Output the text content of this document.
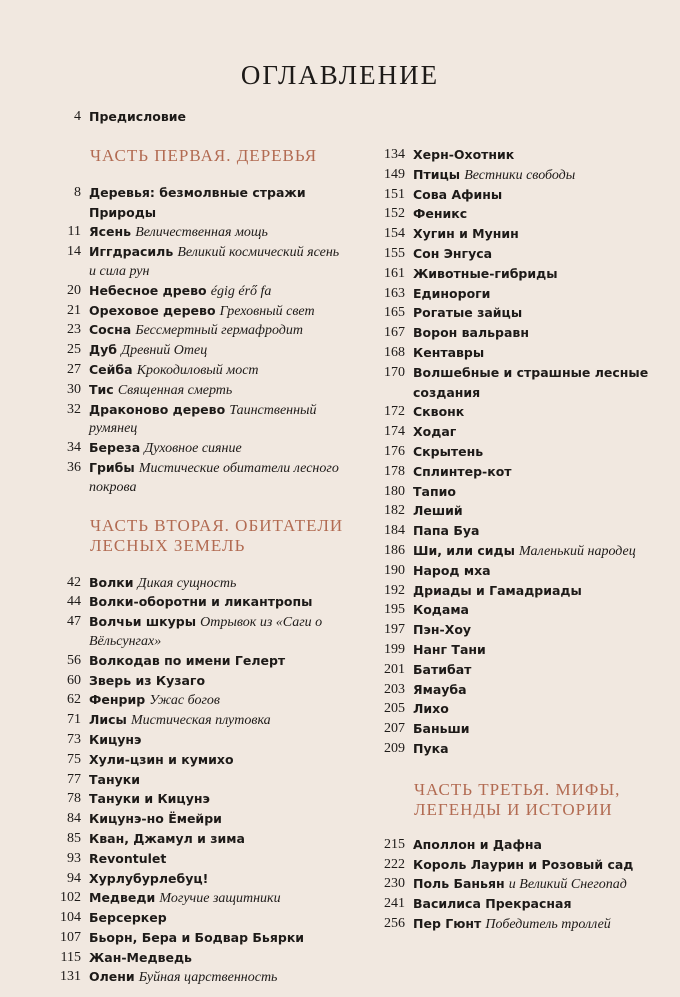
ОГЛАВЛЕНИЕ
4 Предисловие
ЧАСТЬ ПЕРВАЯ. ДЕРЕВЬЯ
8 Деревья: безмолвные стражи Природы
11 Ясень Величественная мощь
14 Иггдрасиль Великий космический ясень и сила рун
20 Небесное древо égig érő fa
21 Ореховое дерево Греховный свет
23 Сосна Бессмертный гермафродит
25 Дуб Древний Отец
27 Сейба Крокодиловый мост
30 Тис Священная смерть
32 Драконово дерево Таинственный румянец
34 Береза Духовное сияние
36 Грибы Мистические обитатели лесного покрова
ЧАСТЬ ВТОРАЯ. ОБИТАТЕЛИ ЛЕСНЫХ ЗЕМЕЛЬ
42 Волки Дикая сущность
44 Волки-оборотни и ликантропы
47 Волчьи шкуры Отрывок из «Саги о Вёльсунгах»
56 Волкодав по имени Гелерт
60 Зверь из Кузаго
62 Фенрир Ужас богов
71 Лисы Мистическая плутовка
73 Кицунэ
75 Хули-цзин и кумихо
77 Тануки
78 Тануки и Кицунэ
84 Кицунэ-но Ёмейри
85 Кван, Джамул и зима
93 Revontulet
94 Хурлубурлебуц!
102 Медведи Могучие защитники
104 Берсеркер
107 Бьорн, Бера и Бодвар Бьярки
115 Жан-Медведь
131 Олени Буйная царственность
134 Херн-Охотник
149 Птицы Вестники свободы
151 Сова Афины
152 Феникс
154 Хугин и Мунин
155 Сон Энгуса
161 Животные-гибриды
163 Единороги
165 Рогатые зайцы
167 Ворон вальравн
168 Кентавры
170 Волшебные и страшные лесные создания
172 Сквонк
174 Ходаг
176 Скрытень
178 Сплинтер-кот
180 Тапио
182 Леший
184 Папа Буа
186 Ши, или сиды Маленький народец
190 Народ мха
192 Дриады и Гамадриады
195 Кодама
197 Пэн-Хоу
199 Нанг Тани
201 Батибат
203 Ямауба
205 Лихо
207 Баньши
209 Пука
ЧАСТЬ ТРЕТЬЯ. МИФЫ, ЛЕГЕНДЫ И ИСТОРИИ
215 Аполлон и Дафна
222 Король Лаурин и Розовый сад
230 Поль Баньян и Великий Снегопад
241 Василиса Прекрасная
256 Пер Гюнт Победитель троллей
